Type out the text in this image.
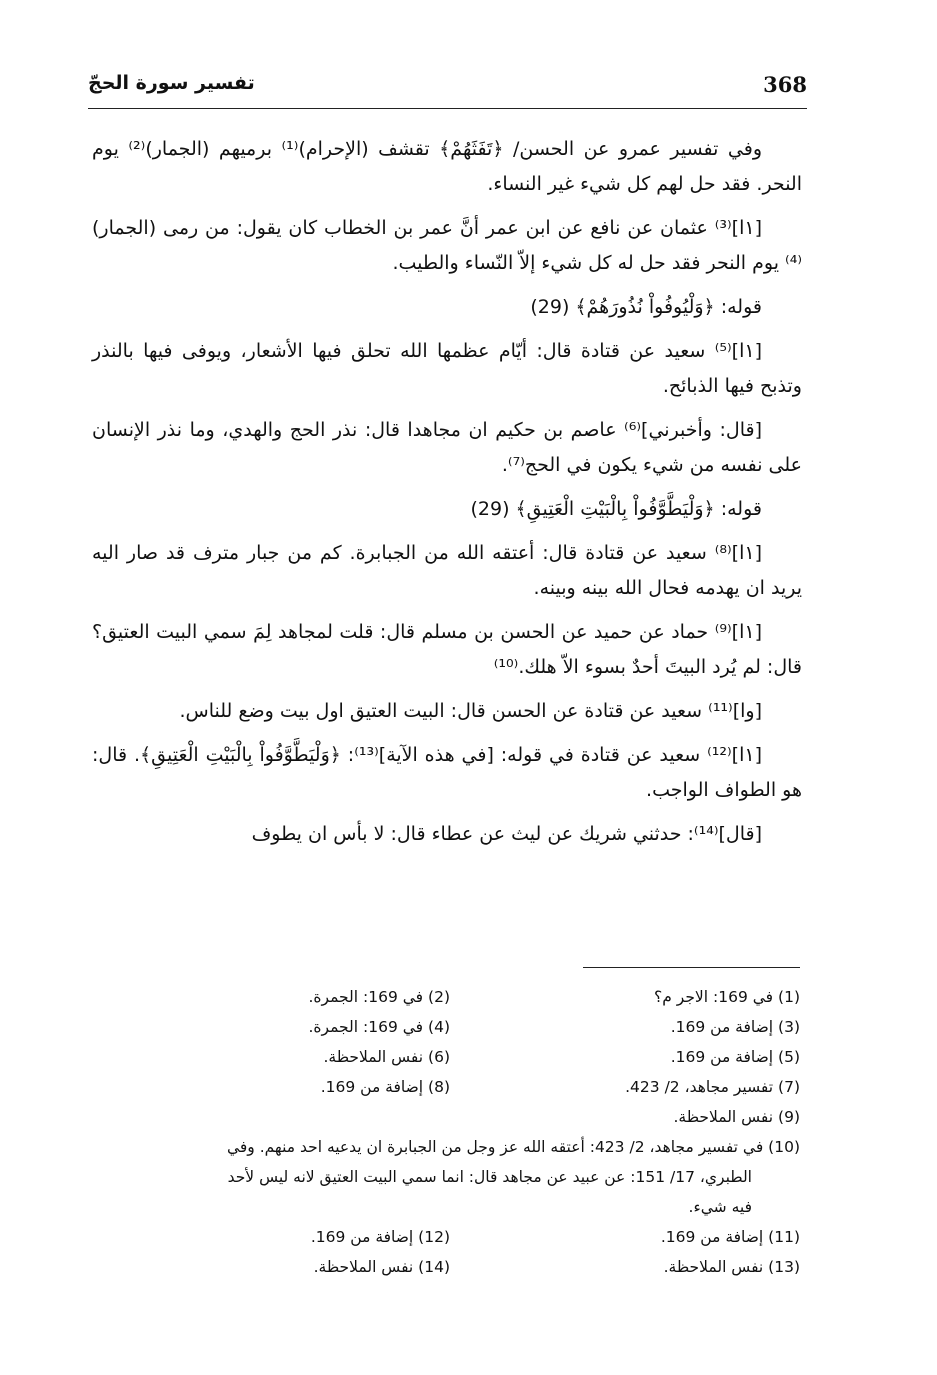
368
تفسير سورة الحجّ

وفي تفسير عمرو عن الحسن/ ﴿تَفَثَهُمْ﴾ تقشف (الإحرام)⁽¹⁾ برميهم (الجمار)⁽²⁾ يوم النحر. فقد حل لهم كل شيء غير النساء.

[١ا]⁽³⁾ عثمان عن نافع عن ابن عمر أنَّ عمر بن الخطاب كان يقول: من رمى (الجمار)⁽⁴⁾ يوم النحر فقد حل له كل شيء إلاّ النّساء والطيب.

قوله: ﴿وَلْيُوفُواْ نُذُورَهُمْ﴾ (29)

[١ا]⁽⁵⁾ سعيد عن قتادة قال: أيّام عظمها الله تحلق فيها الأشعار، ويوفى فيها بالنذر وتذبح فيها الذبائح.

[قال: وأخبرني]⁽⁶⁾ عاصم بن حكيم ان مجاهدا قال: نذر الحج والهدي، وما نذر الإنسان على نفسه من شيء يكون في الحج⁽⁷⁾.

قوله: ﴿وَلْيَطَّوَّفُواْ بِالْبَيْتِ الْعَتِيقِ﴾ (29)

[١ا]⁽⁸⁾ سعيد عن قتادة قال: أعتقه الله من الجبابرة. كم من جبار مترف قد صار اليه يريد ان يهدمه فحال الله بينه وبينه.

[١ا]⁽⁹⁾ حماد عن حميد عن الحسن بن مسلم قال: قلت لمجاهد لِمَ سمي البيت العتيق؟ قال: لم يُرد البيتَ أحدٌ بسوء الاّ هلك.⁽¹⁰⁾

[وا]⁽¹¹⁾ سعيد عن قتادة عن الحسن قال: البيت العتيق اول بيت وضع للناس.

[١ا]⁽¹²⁾ سعيد عن قتادة في قوله: [في هذه الآية]⁽¹³⁾: ﴿وَلْيَطَّوَّفُواْ بِالْبَيْتِ الْعَتِيقِ﴾. قال: هو الطواف الواجب.

[قال]⁽¹⁴⁾: حدثني شريك عن ليث عن عطاء قال: لا بأس ان يطوف

(1) في 169: الاجر م؟
(2) في 169: الجمرة.
(3) إضافة من 169.
(4) في 169: الجمرة.
(5) إضافة من 169.
(6) نفس الملاحظة.
(7) تفسير مجاهد، 2/ 423.
(8) إضافة من 169.
(9) نفس الملاحظة.
(10) في تفسير مجاهد، 2/ 423: أعتقه الله عز وجل من الجبابرة ان يدعيه احد منهم. وفي
الطبري، 17/ 151: عن عبيد عن مجاهد قال: انما سمي البيت العتيق لانه ليس لأحد
فيه شيء.
(11) إضافة من 169.
(12) إضافة من 169.
(13) نفس الملاحظة.
(14) نفس الملاحظة.
